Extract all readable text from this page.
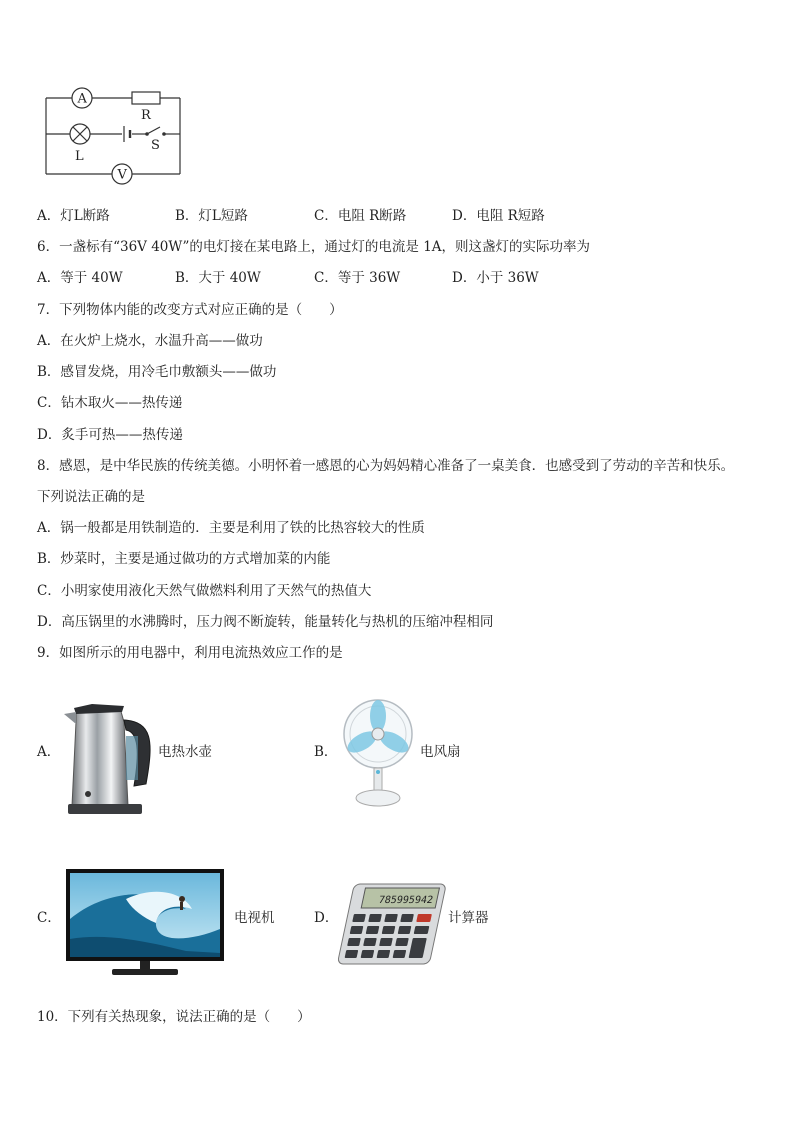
A
R
L
S
V
A．灯L断路	B．灯L短路	C．电阻 R断路	D．电阻 R短路
6．一盏标有“36V 40W”的电灯接在某电路上，通过灯的电流是 1A，则这盏灯的实际功率为
A．等于 40W	B．大于 40W	C．等于 36W	D．小于 36W
7．下列物体内能的改变方式对应正确的是（　　）
A．在火炉上烧水，水温升高——做功
B．感冒发烧，用冷毛巾敷额头——做功
C．钻木取火——热传递
D．炙手可热——热传递
8．感恩，是中华民族的传统美德。小明怀着一感恩的心为妈妈精心准备了一桌美食．也感受到了劳动的辛苦和快乐。
下列说法正确的是
A．锅一般都是用铁制造的．主要是利用了铁的比热容较大的性质
B．炒菜时，主要是通过做功的方式增加菜的内能
C．小明家使用液化天然气做燃料利用了天然气的热值大
D．高压锅里的水沸腾时，压力阀不断旋转，能量转化与热机的压缩冲程相同
9．如图所示的用电器中，利用电流热效应工作的是
A．	电热水壶	B．	电风扇
C．	电视机	D．
785995942
计算器
10．下列有关热现象，说法正确的是（　　）
